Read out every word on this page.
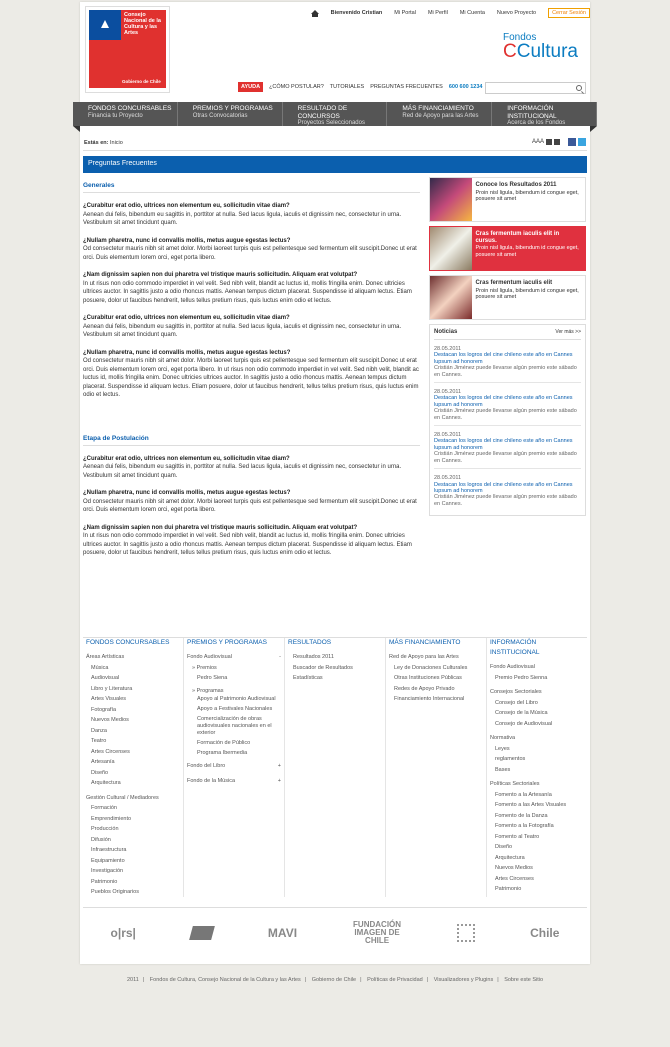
Consejo Nacional de la Cultura y las Artes
Gobierno de Chile
Bienvenido Cristian Mi Portal Mi Perfil Mi Cuenta Nuevo Proyecto	Cerrar Sesión
Fondos
CCultura
AYUDA	¿CÓMO POSTULAR? TUTORIALES PREGUNTAS FRECUENTES 600 600 1234
FONDOS CONCURSABLES
Financia tu Proyecto
PREMIOS Y PROGRAMAS
Otras Convocatorias
RESULTADO DE CONCURSOS
Proyectos Seleccionados
MÁS FINANCIAMIENTO
Red de Apoyo para las Artes
INFORMACIÓN INSTITUCIONAL
Acerca de los Fondos
Estás en: Inicio	AAA
Preguntas Frecuentes
Generales
¿Curabitur erat odio, ultrices non elementum eu, sollicitudin vitae diam?
Aenean dui felis, bibendum eu sagittis in, porttitor at nulla. Sed lacus ligula, iaculis et dignissim nec, consectetur in urna. Vestibulum sit amet tincidunt quam.
¿Nullam pharetra, nunc id convallis mollis, metus augue egestas lectus?
Od consectetur mauris nibh sit amet dolor. Morbi laoreet turpis quis est pellentesque sed fermentum elit suscipit.Donec ut erat orci. Duis elementum lorem orci, eget porta libero.
¿Nam dignissim sapien non dui pharetra vel tristique mauris sollicitudin. Aliquam erat volutpat?
In ut risus non odio commodo imperdiet in vel velit. Sed nibh velit, blandit ac luctus id, mollis fringilla enim. Donec ultricies ultrices auctor. In sagittis justo a odio rhoncus mattis. Aenean tempus dictum placerat. Suspendisse id aliquam lectus. Etiam posuere, dolor ut faucibus hendrerit, tellus tellus pretium risus, quis luctus enim odio et lectus.
¿Curabitur erat odio, ultrices non elementum eu, sollicitudin vitae diam?
Aenean dui felis, bibendum eu sagittis in, porttitor at nulla. Sed lacus ligula, iaculis et dignissim nec, consectetur in urna. Vestibulum sit amet tincidunt quam.
¿Nullam pharetra, nunc id convallis mollis, metus augue egestas lectus?
Od consectetur mauris nibh sit amet dolor. Morbi laoreet turpis quis est pellentesque sed fermentum elit suscipit.Donec ut erat orci. Duis elementum lorem orci, eget porta libero. In ut risus non odio commodo imperdiet in vel velit. Sed nibh velit, blandit ac luctus id, mollis fringilla enim. Donec ultricies ultrices auctor. In sagittis justo a odio rhoncus mattis. Aenean tempus dictum placerat. Suspendisse id aliquam lectus. Etiam posuere, dolor ut faucibus hendrerit, tellus tellus pretium risus, quis luctus enim odio et lectus.
Etapa de Postulación
¿Curabitur erat odio, ultrices non elementum eu, sollicitudin vitae diam?
Aenean dui felis, bibendum eu sagittis in, porttitor at nulla. Sed lacus ligula, iaculis et dignissim nec, consectetur in urna. Vestibulum sit amet tincidunt quam.
¿Nullam pharetra, nunc id convallis mollis, metus augue egestas lectus?
Od consectetur mauris nibh sit amet dolor. Morbi laoreet turpis quis est pellentesque sed fermentum elit suscipit.Donec ut erat orci. Duis elementum lorem orci, eget porta libero.
¿Nam dignissim sapien non dui pharetra vel tristique mauris sollicitudin. Aliquam erat volutpat?
In ut risus non odio commodo imperdiet in vel velit. Sed nibh velit, blandit ac luctus id, mollis fringilla enim. Donec ultricies ultrices auctor. In sagittis justo a odio rhoncus mattis. Aenean tempus dictum placerat. Suspendisse id aliquam lectus. Etiam posuere, dolor ut faucibus hendrerit, tellus tellus pretium risus, quis luctus enim odio et lectus.
Conoce los Resultados 2011
Proin nisl ligula, bibendum id congue eget, posuere sit amet
Cras fermentum iaculis elit in cursus.
Proin nisl ligula, bibendum id congue eget, posuere sit amet
Cras fermentum iaculis elit
Proin nisl ligula, bibendum id congue eget, posuere sit amet
Noticias	Ver más >>
28.05.2011
Destacan los logros del cine chileno este año en Cannes lupsum ad honorem
Cristián Jiménez puede llevarse algún premio este sábado en Cannes.
28.05.2011
Destacan los logros del cine chileno este año en Cannes lupsum ad honorem
Cristián Jiménez puede llevarse algún premio este sábado en Cannes.
28.05.2011
Destacan los logros del cine chileno este año en Cannes lupsum ad honorem
Cristián Jiménez puede llevarse algún premio este sábado en Cannes.
28.05.2011
Destacan los logros del cine chileno este año en Cannes lupsum ad honorem
Cristián Jiménez puede llevarse algún premio este sábado en Cannes.
FONDOS CONCURSABLES
Áreas Artísticas
Música
Audiovisual
Libro y Literatura
Artes Visuales
Fotografía
Nuevos Medios
Danza
Teatro
Artes Circenses
Artesanía
Diseño
Arquitectura
Gestión Cultural / Mediadores
Formación
Emprendimiento
Producción
Difusión
Infraestructura
Equipamiento
Investigación
Patrimonio
Pueblos Originarios
PREMIOS Y PROGRAMAS
Fondo Audiovisual	-
» Premios
Pedro Siena
» Programas
Apoyo al Patrimonio Audiovisual
Apoyo a Festivales Nacionales
Comercialización de obras audiovisuales nacionales en el exterior
Formación de Público
Programa Ibermedia
Fondo del Libro	+
Fondo de la Música	+
RESULTADOS
Resultados 2011
Buscador de Resultados
Estadísticas
MÁS FINANCIAMIENTO
Red de Apoyo para las Artes
Ley de Donaciones Culturales
Otras Instituciones Públicas
Redes de Apoyo Privado
Financiamiento Internacional
INFORMACIÓN INSTITUCIONAL
Fondo Audiovisual
Premio Pedro Sienna
Consejos Sectoriales
Consejo del Libro
Consejo de la Música
Consejo de Audiovisual
Normativa
Leyes
reglamentos
Bases
Políticas Sectoriales
Fomento a la Artesanía
Fomento a las Artes Visuales
Fomento de la Danza
Fomento a la Fotografía
Fomento al Teatro
Diseño
Arquitectura
Nuevos Medios
Artes Circenses
Patrimonio
o|rs|	MAVI
FUNDACIÓN IMAGEN DE CHILE
Chile
2011 | Fondos de Cultura, Consejo Nacional de la Cultura y las Artes | Gobierno de Chile | Políticas de Privacidad | Visualizadores y Plugins | Sobre este Sitio
